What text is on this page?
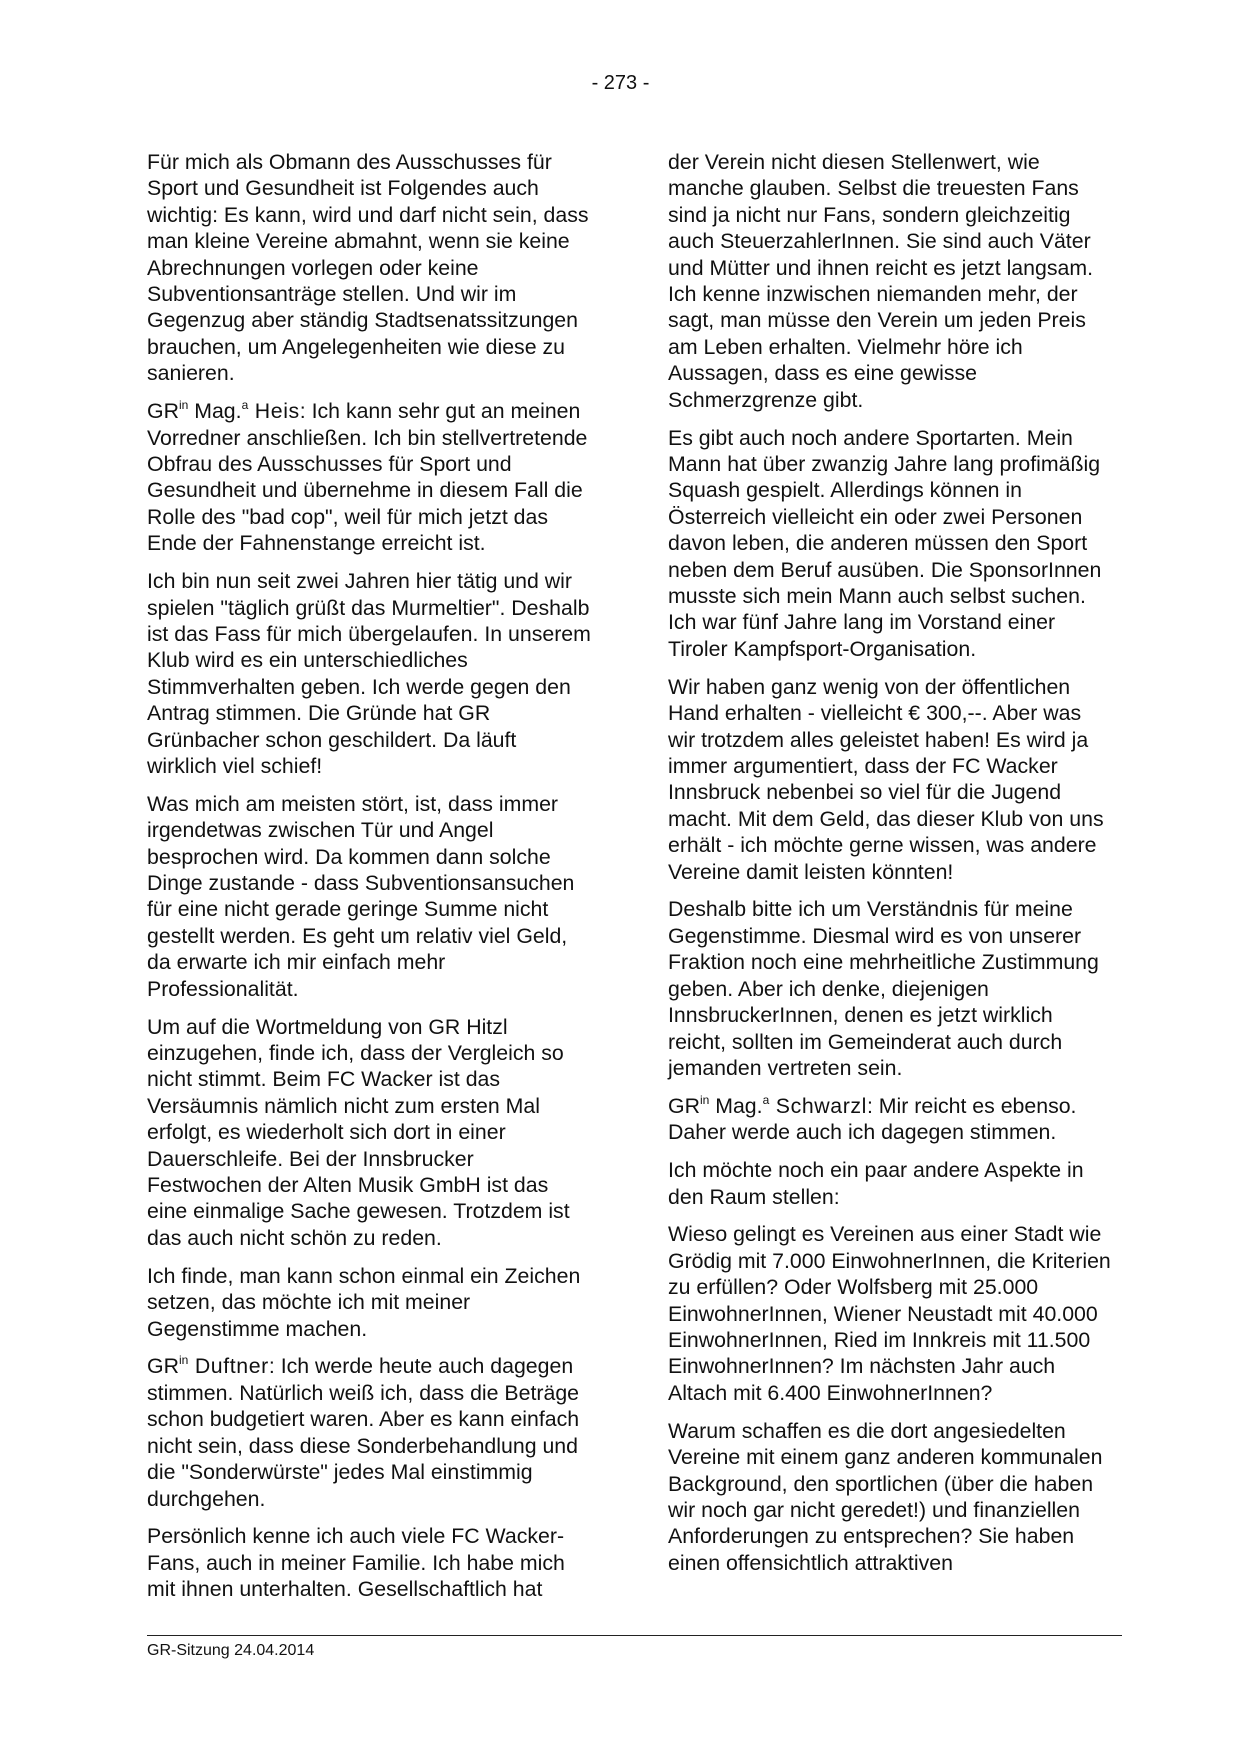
- 273 -

Für mich als Obmann des Ausschusses für Sport und Gesundheit ist Folgendes auch wichtig: Es kann, wird und darf nicht sein, dass man kleine Vereine abmahnt, wenn sie keine Abrechnungen vorlegen oder keine Subventionsanträge stellen. Und wir im Gegenzug aber ständig Stadtsenatssitzungen brauchen, um Angelegenheiten wie diese zu sanieren.

$GR^{in}$ Mag.$^a$ Heis: Ich kann sehr gut an meinen Vorredner anschließen. Ich bin stellvertretende Obfrau des Ausschusses für Sport und Gesundheit und übernehme in diesem Fall die Rolle des "bad cop", weil für mich jetzt das Ende der Fahnenstange erreicht ist.

Ich bin nun seit zwei Jahren hier tätig und wir spielen "täglich grüßt das Murmeltier". Deshalb ist das Fass für mich übergelaufen. In unserem Klub wird es ein unterschiedliches Stimmverhalten geben. Ich werde gegen den Antrag stimmen. Die Gründe hat GR Grünbacher schon geschildert. Da läuft wirklich viel schief!

Was mich am meisten stört, ist, dass immer irgendetwas zwischen Tür und Angel besprochen wird. Da kommen dann solche Dinge zustande - dass Subventionsansuchen für eine nicht gerade geringe Summe nicht gestellt werden. Es geht um relativ viel Geld, da erwarte ich mir einfach mehr Professionalität.

Um auf die Wortmeldung von GR Hitzl einzugehen, finde ich, dass der Vergleich so nicht stimmt. Beim FC Wacker ist das Versäumnis nämlich nicht zum ersten Mal erfolgt, es wiederholt sich dort in einer Dauerschleife. Bei der Innsbrucker Festwochen der Alten Musik GmbH ist das eine einmalige Sache gewesen. Trotzdem ist das auch nicht schön zu reden.

Ich finde, man kann schon einmal ein Zeichen setzen, das möchte ich mit meiner Gegenstimme machen.

$GR^{in}$ Duftner: Ich werde heute auch dagegen stimmen. Natürlich weiß ich, dass die Beträge schon budgetiert waren. Aber es kann einfach nicht sein, dass diese Sonderbehandlung und die "Sonderwürste" jedes Mal einstimmig durchgehen.

Persönlich kenne ich auch viele FC Wacker-Fans, auch in meiner Familie. Ich habe mich mit ihnen unterhalten. Gesellschaftlich hat

der Verein nicht diesen Stellenwert, wie manche glauben. Selbst die treuesten Fans sind ja nicht nur Fans, sondern gleichzeitig auch SteuerzahlerInnen. Sie sind auch Väter und Mütter und ihnen reicht es jetzt langsam. Ich kenne inzwischen niemanden mehr, der sagt, man müsse den Verein um jeden Preis am Leben erhalten. Vielmehr höre ich Aussagen, dass es eine gewisse Schmerzgrenze gibt.

Es gibt auch noch andere Sportarten. Mein Mann hat über zwanzig Jahre lang profimäßig Squash gespielt. Allerdings können in Österreich vielleicht ein oder zwei Personen davon leben, die anderen müssen den Sport neben dem Beruf ausüben. Die SponsorInnen musste sich mein Mann auch selbst suchen. Ich war fünf Jahre lang im Vorstand einer Tiroler Kampfsport-Organisation.

Wir haben ganz wenig von der öffentlichen Hand erhalten - vielleicht € 300,--. Aber was wir trotzdem alles geleistet haben! Es wird ja immer argumentiert, dass der FC Wacker Innsbruck nebenbei so viel für die Jugend macht. Mit dem Geld, das dieser Klub von uns erhält - ich möchte gerne wissen, was andere Vereine damit leisten könnten!

Deshalb bitte ich um Verständnis für meine Gegenstimme. Diesmal wird es von unserer Fraktion noch eine mehrheitliche Zustimmung geben. Aber ich denke, diejenigen InnsbruckerInnen, denen es jetzt wirklich reicht, sollten im Gemeinderat auch durch jemanden vertreten sein.

$GR^{in}$ Mag.$^a$ Schwarzl: Mir reicht es ebenso. Daher werde auch ich dagegen stimmen.

Ich möchte noch ein paar andere Aspekte in den Raum stellen:

Wieso gelingt es Vereinen aus einer Stadt wie Grödig mit 7.000 EinwohnerInnen, die Kriterien zu erfüllen? Oder Wolfsberg mit 25.000 EinwohnerInnen, Wiener Neustadt mit 40.000 EinwohnerInnen, Ried im Innkreis mit 11.500 EinwohnerInnen? Im nächsten Jahr auch Altach mit 6.400 EinwohnerInnen?

Warum schaffen es die dort angesiedelten Vereine mit einem ganz anderen kommunalen Background, den sportlichen (über die haben wir noch gar nicht geredet!) und finanziellen Anforderungen zu entsprechen? Sie haben einen offensichtlich attraktiven

GR-Sitzung 24.04.2014
